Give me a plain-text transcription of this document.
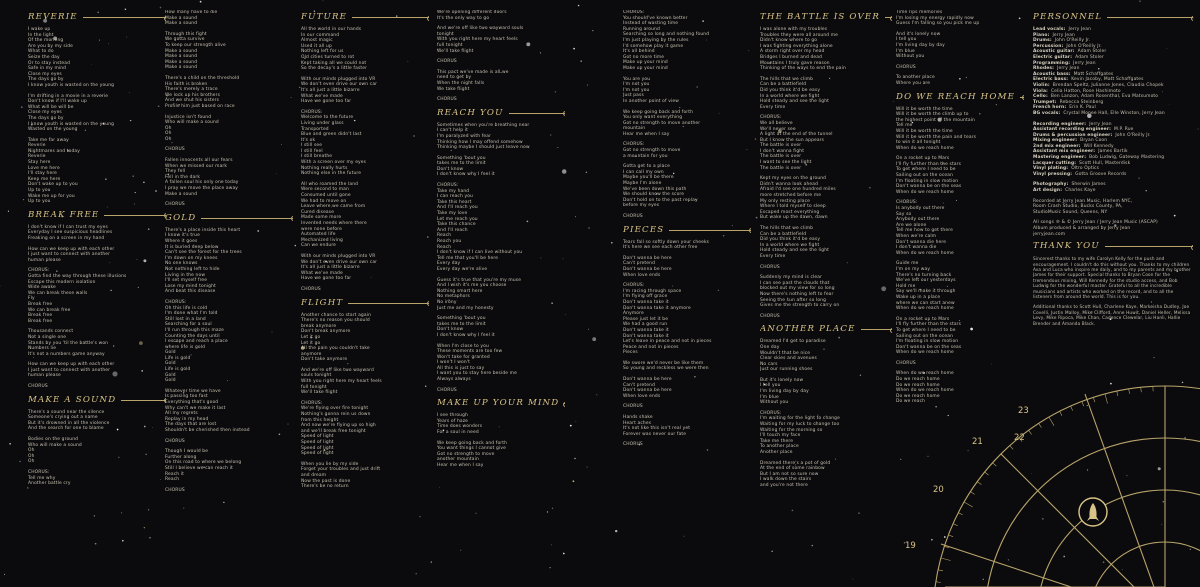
REVERIE
I wake up
In the light
Of the morning
Are you by my side
What to do
Seize the day
Or to stay instead
Safe in my mind
Close my eyes
The days go by
I know youth is wasted on the young
I'm drifting in a movie in a reverie
Don't know if I'll wake up
What will be will be
Close my eyes
The days go by
I know youth is wasted on the young
Wasted on the young
Take me far away
Reverie
Nightmares and today
Reverie
Stay here
Love me here
I'll stay here
Keep me here
Don't wake up to you
Up to you
Wake me up for you
Up to you
BREAK FREE
I don't know if I can trust my eyes
Everyday I see suspicious headlines
Freaking on a screen in my hand
How can we keep up with each other
I just want to connect with another
human please
CHORUS:
Gotta find the way through these illusions
Escape this modern isolation
Wide awake
We can break these walls
Fly
Break free
We can break free
Break free
Break free
Thousands connect
Not a single one
Stands by you 'til the battle's won
Numbers lie
It's not a numbers game anyway
How can we keep up with each other
I just want to connect with another
human please
CHORUS
MAKE A SOUND
There's a sound near the silence
Someone's crying out a name
But it's drowned in all the violence
And the search for one to blame
Bodies on the ground
Who will make a sound
Oh
Oh
Oh
CHORUS:
Tell me why
Another battle cry
How many have to die
Make a sound
Make a sound
Through this fight
We gotta survive
To keep our strength alive
Make a sound
Make a sound
Make a sound
Make a sound
There's a child on the threshold
His faith is broken
There's merely a trace
We lock up his brothers
And we shut his sisters
Profile him just based on race
Injustice isn't found
Who will make a sound
Oh
Oh
Oh
CHORUS
Fallen innocents all our fears
When we missed our mark
They fell
Fell in the dark
A fallen soul his only one today
I pray we move the place away
Make a sound
CHORUS
GOLD
There's a place inside this heart
I know it's true
Where it goes
It is buried deep below
Can't see the forest for the trees
I'm down on my knees
No one knows
Not nothing left to hide
Living in the now
I'll set myself free
Lose my mind tonight
And beat this disease
CHORUS:
Oh this life is cold
I'm done what I'm told
Still lost in a land
Searching for a soul
I'll run through this maze
Counting the days until
I escape and reach a place
where life is gold
Gold
Life is gold
Gold
Life is gold
Gold
Gold
Whatever time we have
Is passing too fast
Everything that's good
Why can't we make it last
All my regrets
Replay in my head
The days that are lost
Shouldn't be cherished then instead
CHORUS
Though I would be
Further along
On this road to where we belong
Still I believe we can reach it
Reach it
Reach
CHORUS
FUTURE
All the world in our hands
In our command
Almost magic
Used it all up
Nothing left for us
Old cities turned to rot
Kept taking all we could not
So the decay's a little faster
With our minds plugged into VR
We don't even drive our own car
It's all just a little bizarre
What we've made
Have we gone too far
CHORUS:
Welcome to the future
Living under glass
Transported
Blue and green didn't last
It's ok
I still see
I still feel
I still breathe
With a screen over my eyes
Nothing really hurts
Nothing else in the future
All who roamed the land
Were second to man
Consumed until gone
We had to move on
Leave where we came from
Cured disease
Made some more
Invented needs where there
were none before
Automated life
Mechanized living
Can we endure
With our minds plugged into VR
We don't even drive our own car
It's all just a little bizarre
What we've made
Have we gone too far
CHORUS
FLIGHT
Another chance to start again
There's no reason you should
break anymore
Don't break anymore
Let it go
Let it go
All the pain you couldn't take
anymore
Don't take anymore
And we're off like two wayward
souls tonight
With you right here my heart feels
full tonight
We'll take flight
CHORUS:
We're flying over fire tonight
Nothing's gonna rein us down
from this height
And now we're flying up so high
and we'll break free tonight
Speed of light
Speed of light
Speed of light
Speed of light
When you lie by my side
Forget your troubles and just drift
and dream
Now the past is done
There's be no return
We're opening different doors
It's the only way to go
And we're off like two wayward souls
tonight
With you right here my heart feels
full tonight
We'll take flight
CHORUS
This pact we've made is all we
need to get by
When the night falls
We take flight
CHORUS
REACH YOU
Sometimes when you're breathing near
I can't help it
I'm paralyzed with fear
Thinking how I may offend somehow
Thinking maybe I should just leave now
Something 'bout you
takes me to the limit
Don't know
I don't know why I feel it
CHORUS:
Take my hand
I can reach you
Take this heart
And I'll reach you
Take my love
Let me reach you
Take this chance
And I'll reach
Reach
Reach you
Reach
I don't know if I can live without you
Tell me that you'll be here
Every day
Every day we're alive
Guess it's true that you're my muse
And I wish it's me you choose
Nothing smart here
No metaphors
No irony
Just me and my honesty
Something 'bout you
takes me to the limit
Don't know
I don't know why I feel it
When I'm close to you
These moments are too few
Won't take for granted
I won't I won't
All this is just to say
I want you to stay here beside me
Always always
CHORUS
MAKE UP YOUR MIND
I see through
Years of haze
Time does wonders
For a soul in need
We keep going back and forth
You want things I cannot give
Got no strength to move
another mountain
Hear me when I say
CHORUS:
You should've known better
Instead of wasting time
Running around
Searching so long and nothing found
I'm just playing by the rules
I'd somehow play it game
It's all behind
Got no more time
Make up your mind
Make up your mind
You are you
I'm not you
I'm not you
Just pass
In another point of view
We keep going back and forth
You only want everything
Got no strength to move another
mountain
Hear me when I say
CHORUS:
Got no strength to move
a mountain for you
Gotta get to a place
I can call my own
Maybe you'll be there
Maybe I'm alone
We've been down this path
We should know the score
Don't hold on to the past replay
before my eyes
CHORUS
PIECES
Tears fall so softly down your cheeks
It's here we see each other free
Don't wanna be here
Can't pretend
Don't wanna be here
When love ends
CHORUS:
I'm racing through space
I'm flying off grace
Don't wanna take it
Don't wanna take it anymore
Anymore
Please just let it be
We had a good run
Don't wanna take it
Don't wanna take it
Let's leave in peace and not in pieces
Peace and not in pieces
Pieces
We swore we'd never be like them
So young and reckless we were then
Don't wanna be here
Can't pretend
Don't wanna be here
When love ends
CHORUS
Hands shake
Heart aches
It's not like this isn't real yet
Forever was never our fate
CHORUS
THE BATTLE IS OVER
I was alone with my troubles
Troubles they were all around me
Didn't know where to go
I was fighting everything alone
A storm right over my head
Bridges I burned and dead
Mountains I truly gave reason
Thinking of the ways to end the pain
The hills that we climb
Can be a battlefield
Did you think it'd be easy
In a world where we fight
Hold steady and see the light
Every time
CHORUS:
We all believe
We'll never see
A light at the end of the tunnel
But I know the sun appears
The battle is over
I don't wanna fight
The battle is over
I want to see the light
The battle is over
Kept my eyes on the ground
Didn't wanna look ahead
Afraid I'd see one hundred miles
more stretched before me
My only resting place
Where I told myself to sleep
Escaped most everything
But wake up the dawn, dawn
The hills that we climb
Can be a battlefield
Did you think it'd be easy
In a world where we fight
Hold steady and see the light
Every time
CHORUS
Suddenly my mind is clear
I can see past the clouds that
blocked out my view for so long
Now there's nothing left to fear
Seeing the sun after so long
Gives me the strength to carry on
CHORUS
ANOTHER PLACE
Dreamed I'd get to paradise
One day
Wouldn't that be nice
Clear skies and avenues
No cars
Just our running shoes
But it's lonely now
I tell you
I'm living day by day
I'm blue
Without you
CHORUS:
I'm waiting for the light to change
Waiting for my luck to change too
Waiting for the morning so
I'll touch my face
Take me there
To another place
Another place
Dreamed there's a pot of gold
At the end of some rainbow
But I am not so sure now
I walk down the stairs
and you're not there
Time rips memories
I'm losing my energy rapidly now
Guess I'm falling so you pick me up
And it's lonely now
I tell you
I'm living day by day
I'm blue
Without you
CHORUS
To another place
Where you are
DO WE REACH HOME
Will it be worth the time
Will it be worth the climb up to
the highest point of the mountain
Tell me
Will it be worth the time
Will it be worth the pain and tears
to win it all tonight
When do we reach home
On a rocket up to Mars
I'll fly further than the stars
To get where I need to be
Sailing out on the ocean
I'm floating in slow motion
Don't wanna be on the seas
When do we reach home
CHORUS:
Is anybody out there
Say so
Anybody out there
Are we alone
Tell me how to get there
When we're calm
Don't wanna die here
I don't wanna die
When do we reach home
Guide me
I'm on my way
There's no turning back
We've left our yesterdays
Hold me
Say we'll make it through
Wake up in a place
where we can start anew
When do we reach home
On a rocket up to Mars
I'll fly further than the stars
To get where I need to be
Sailing out on the ocean
I'm floating in slow motion
Don't wanna be on the seas
When do we reach home
CHORUS
When do we reach home
Do we reach home
Do we reach home
When do we reach home
Do we reach home
Do we reach
PERSONNEL
Lead vocals: Jerry Jean
Piano: Jerry Jean
Drums: John O'Reilly Jr.
Percussion: John O'Reilly Jr.
Acoustic guitar: Adam Stoler
Electric guitar: Adam Stoler
Programming: Jerry Jean
Rhodes: Jerry Jean
Acoustic bass: Matt Schaffgates
Electric bass: Kevin Jacoby, Matt Schaffgates
Violin: Brendan Speltz, Julianne Jones, Claudia Chopek
Viola: Celia Hatton, Rose Hashimoto
Cello: Ben Lanzon, Adam Rosenthal, Eva Matsumoto
Trumpet: Rebecca Steinberg
French horn: Erin K. Paul
BG vocals: Crystal Monee Hall, Elle Winston, Jerry Jean
Recording engineer: Jerry Jean
Assistant recording engineer: M.P. Rue
Drums & percussion engineer: John O'Reilly Jr.
Mixing engineer: Bryan Coon
2nd mix engineer: Will Kennedy
Assistant mix engineer: James Bartik
Mastering engineer: Bob Ludwig, Gateway Mastering
Lacquer cutting: Scott Hull, Masterdisk
Vinyl plating: Oltro Optics
Vinyl pressing: Gotta Groove Records
Photography: Sherwin James
Art design: Charles Kaye
Recorded at Jerry Jean Music, Harlem NYC,
Room Crash Studio, Bucks County, PA,
StudioMusic Sound, Queens, NY
All songs ℗ & © Jerry Jean / Jerry Jean Music (ASCAP)
Album produced & arranged by Jerry Jean
jerryjean.com
THANK YOU
Sincerest thanks to my wife Carolyn Kelly for the push and encouragement. I couldn't do this without you. Thanks to my children Ava and Luca who inspire me daily, and to my parents and my brother James for their support. Special thanks to Bryan Coon for the tremendous mixing, Will Kennedy for the studio access, and Bob Ludwig for the wonderful master. Grateful to all the incredible musicians and artists who worked on the record, and to all the listeners from around the world. This is for you.
Additional thanks to Scott Hull, Charlene Kaye, Markeisha Dudley, Joe Covelli, Justin Malloy, Mike Clifford, Anne Huwit, Daniel Heller, Melissa Levy, Mike Ripoca, Mike Chan, Cadence Clewelar, Liu Hanli, Hallie Brender and Amanda Black.
23
22
21
20
19
